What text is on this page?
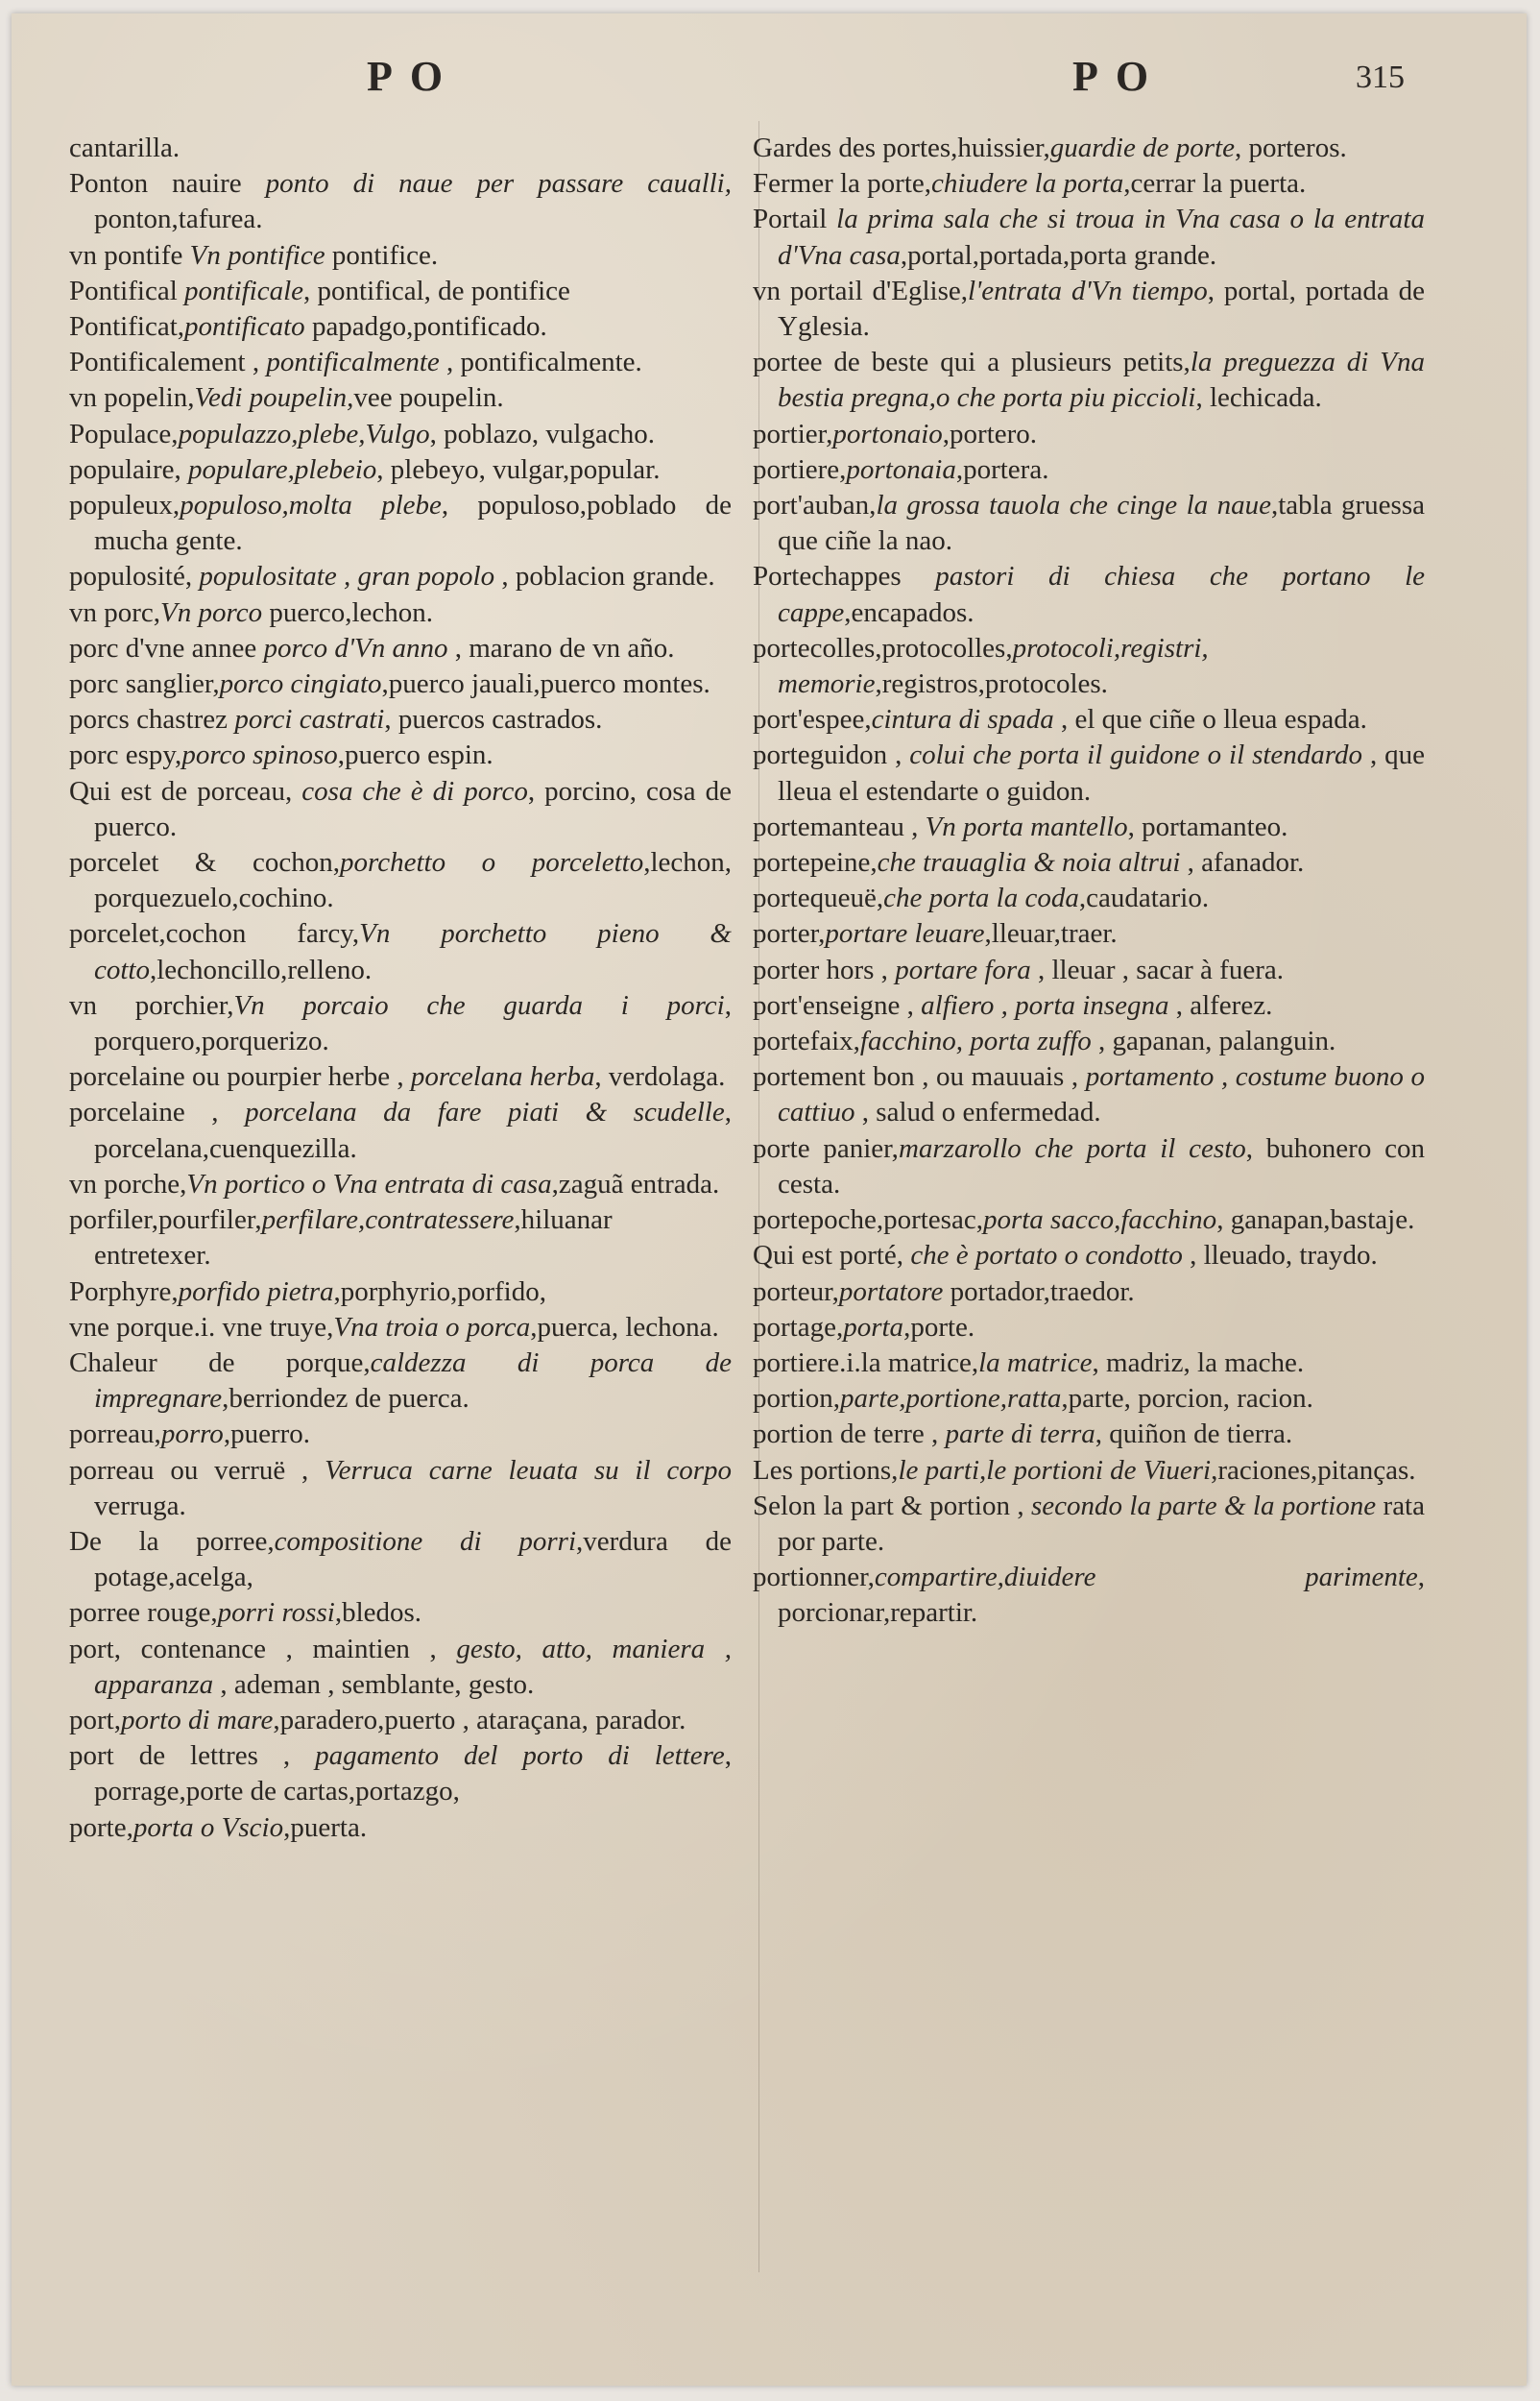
PO	PO	315

cantarilla.

Ponton nauire ponto di naue per passare caualli, ponton,tafurea.

vn pontife Vn pontifice pontifice.

Pontifical pontificale, pontifical, de pontifice

Pontificat,pontificato papadgo,pontificado.

Pontificalement , pontificalmente , pontificalmente.

vn popelin,Vedi poupelin,vee poupelin.

Populace,populazzo,plebe,Vulgo, poblazo, vulgacho.

populaire, populare,plebeio, plebeyo, vulgar,popular.

populeux,populoso,molta plebe, populoso,poblado de mucha gente.

populosité, populositate , gran popolo , poblacion grande.

vn porc,Vn porco puerco,lechon.

porc d'vne annee porco d'Vn anno , marano de vn año.

porc sanglier,porco cingiato,puerco jauali,puerco montes.

porcs chastrez porci castrati, puercos castrados.

porc espy,porco spinoso,puerco espin.

Qui est de porceau, cosa che è di porco, porcino, cosa de puerco.

porcelet & cochon,porchetto o porceletto,lechon, porquezuelo,cochino.

porcelet,cochon farcy,Vn porchetto pieno & cotto,lechoncillo,relleno.

vn porchier,Vn porcaio che guarda i porci, porquero,porquerizo.

porcelaine ou pourpier herbe , porcelana herba, verdolaga.

porcelaine , porcelana da fare piati & scudelle, porcelana,cuenquezilla.

vn porche,Vn portico o Vna entrata di casa,zaguã entrada.

porfiler,pourfiler,perfilare,contratessere,hiluanar entretexer.

Porphyre,porfido pietra,porphyrio,porfido,

vne porque.i. vne truye,Vna troia o porca,puerca, lechona.

Chaleur de porque,caldezza di porca de impregnare,berriondez de puerca.

porreau,porro,puerro.

porreau ou verruë , Verruca carne leuata su il corpo verruga.

De la porree,compositione di porri,verdura de potage,acelga,

porree rouge,porri rossi,bledos.

port, contenance , maintien , gesto, atto, maniera , apparanza , ademan , semblante, gesto.

port,porto di mare,paradero,puerto , ataraçana, parador.

port de lettres , pagamento del porto di lettere, porrage,porte de cartas,portazgo,

porte,porta o Vscio,puerta.

Gardes des portes,huissier,guardie de porte, porteros.

Fermer la porte,chiudere la porta,cerrar la puerta.

Portail la prima sala che si troua in Vna casa o la entrata d'Vna casa,portal,portada,porta grande.

vn portail d'Eglise,l'entrata d'Vn tiempo, portal, portada de Yglesia.

portee de beste qui a plusieurs petits,la preguezza di Vna bestia pregna,o che porta piu piccioli, lechicada.

portier,portonaio,portero.

portiere,portonaia,portera.

port'auban,la grossa tauola che cinge la naue,tabla gruessa que ciñe la nao.

Portechappes pastori di chiesa che portano le cappe,encapados.

portecolles,protocolles,protocoli,registri, memorie,registros,protocoles.

port'espee,cintura di spada , el que ciñe o lleua espada.

porteguidon , colui che porta il guidone o il stendardo , que lleua el estendarte o guidon.

portemanteau , Vn porta mantello, portamanteo.

portepeine,che trauaglia & noia altrui , afanador.

portequeuë,che porta la coda,caudatario.

porter,portare leuare,lleuar,traer.

porter hors , portare fora , lleuar , sacar à fuera.

port'enseigne , alfiero , porta insegna , alferez.

portefaix,facchino, porta zuffo , gapanan, palanguin.

portement bon , ou mauuais , portamento , costume buono o cattiuo , salud o enfermedad.

porte panier,marzarollo che porta il cesto, buhonero con cesta.

portepoche,portesac,porta sacco,facchino, ganapan,bastaje.

Qui est porté, che è portato o condotto , lleuado, traydo.

porteur,portatore portador,traedor.

portage,porta,porte.

portiere.i.la matrice,la matrice, madriz, la mache.

portion,parte,portione,ratta,parte, porcion, racion.

portion de terre , parte di terra, quiñon de tierra.

Les portions,le parti,le portioni de Viueri,raciones,pitanças.

Selon la part & portion , secondo la parte & la portione rata por parte.

portionner,compartire,diuidere parimente, porcionar,repartir.
